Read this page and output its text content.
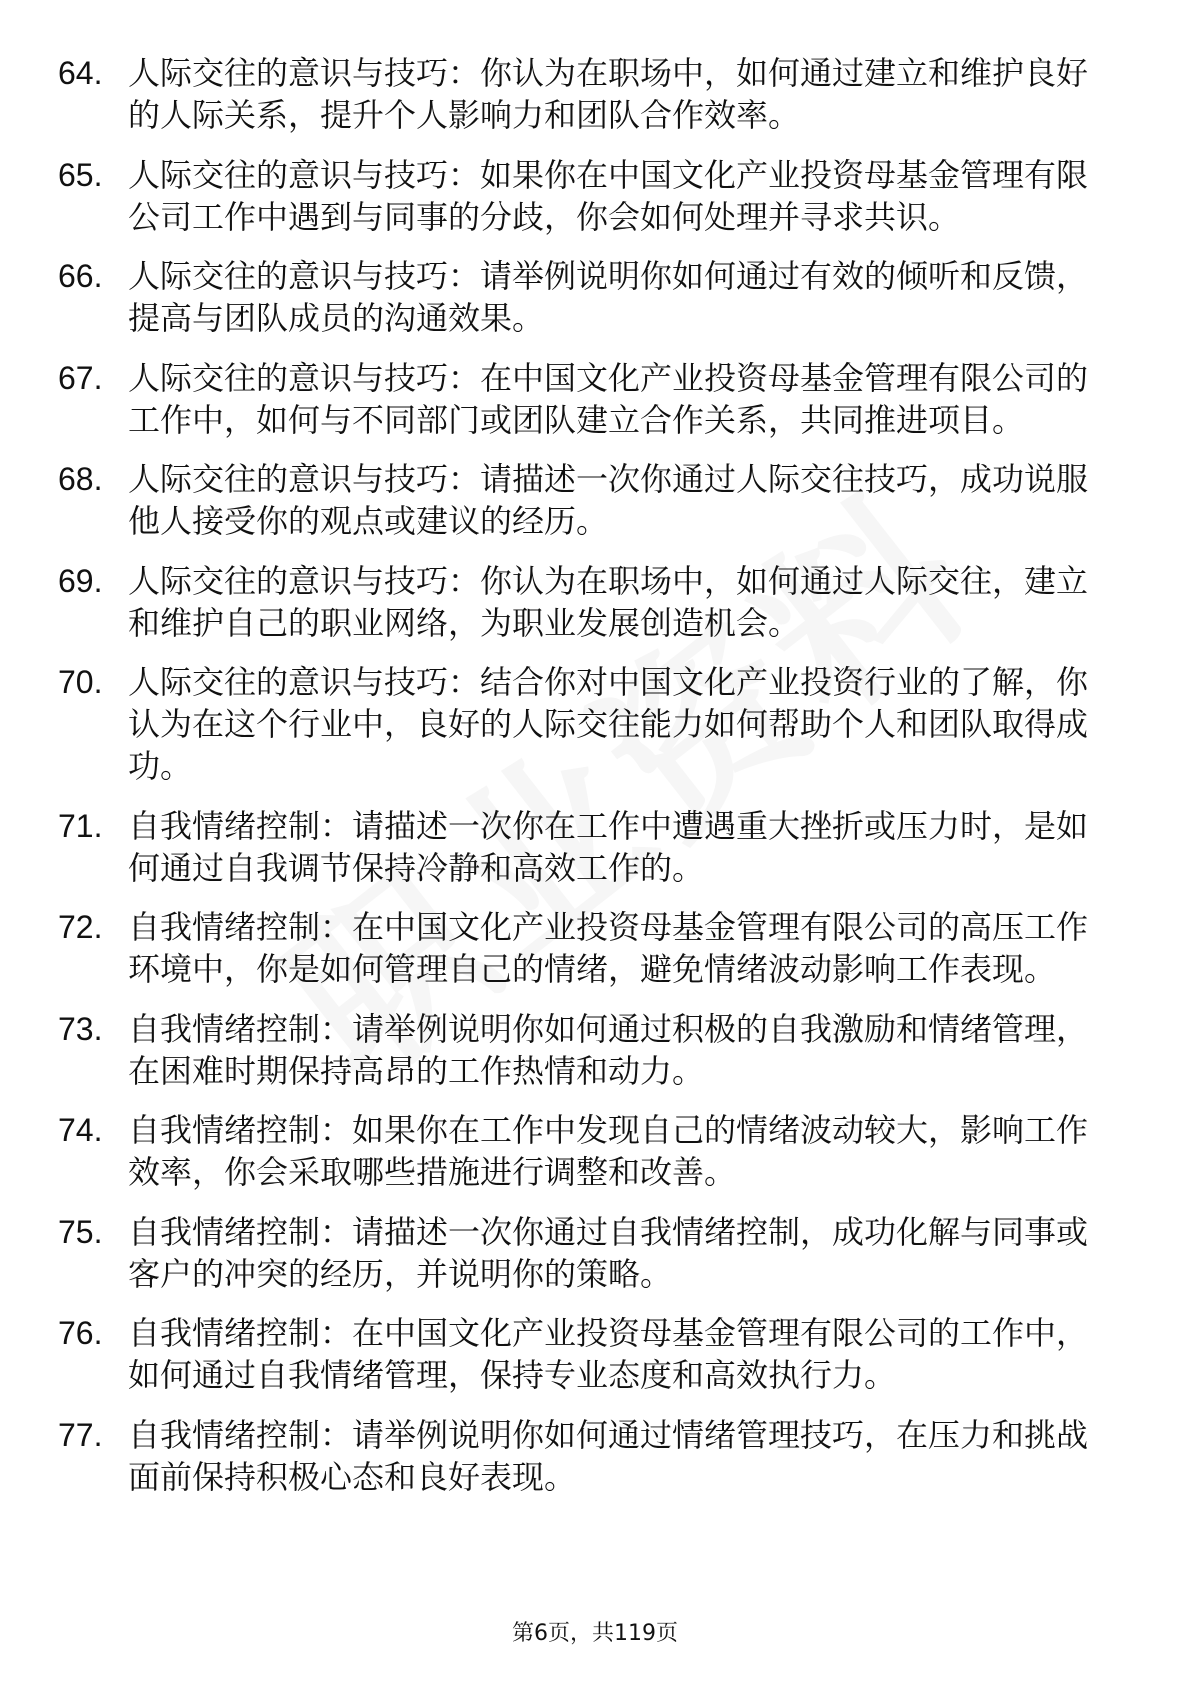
64. 人际交往的意识与技巧：你认为在职场中，如何通过建立和维护良好的人际关系，提升个人影响力和团队合作效率。
65. 人际交往的意识与技巧：如果你在中国文化产业投资母基金管理有限公司工作中遇到与同事的分歧，你会如何处理并寻求共识。
66. 人际交往的意识与技巧：请举例说明你如何通过有效的倾听和反馈，提高与团队成员的沟通效果。
67. 人际交往的意识与技巧：在中国文化产业投资母基金管理有限公司的工作中，如何与不同部门或团队建立合作关系，共同推进项目。
68. 人际交往的意识与技巧：请描述一次你通过人际交往技巧，成功说服他人接受你的观点或建议的经历。
69. 人际交往的意识与技巧：你认为在职场中，如何通过人际交往，建立和维护自己的职业网络，为职业发展创造机会。
70. 人际交往的意识与技巧：结合你对中国文化产业投资行业的了解，你认为在这个行业中，良好的人际交往能力如何帮助个人和团队取得成功。
71. 自我情绪控制：请描述一次你在工作中遭遇重大挫折或压力时，是如何通过自我调节保持冷静和高效工作的。
72. 自我情绪控制：在中国文化产业投资母基金管理有限公司的高压工作环境中，你是如何管理自己的情绪，避免情绪波动影响工作表现。
73. 自我情绪控制：请举例说明你如何通过积极的自我激励和情绪管理，在困难时期保持高昂的工作热情和动力。
74. 自我情绪控制：如果你在工作中发现自己的情绪波动较大，影响工作效率，你会采取哪些措施进行调整和改善。
75. 自我情绪控制：请描述一次你通过自我情绪控制，成功化解与同事或客户的冲突的经历，并说明你的策略。
76. 自我情绪控制：在中国文化产业投资母基金管理有限公司的工作中，如何通过自我情绪管理，保持专业态度和高效执行力。
77. 自我情绪控制：请举例说明你如何通过情绪管理技巧，在压力和挑战面前保持积极心态和良好表现。
第6页，共119页
